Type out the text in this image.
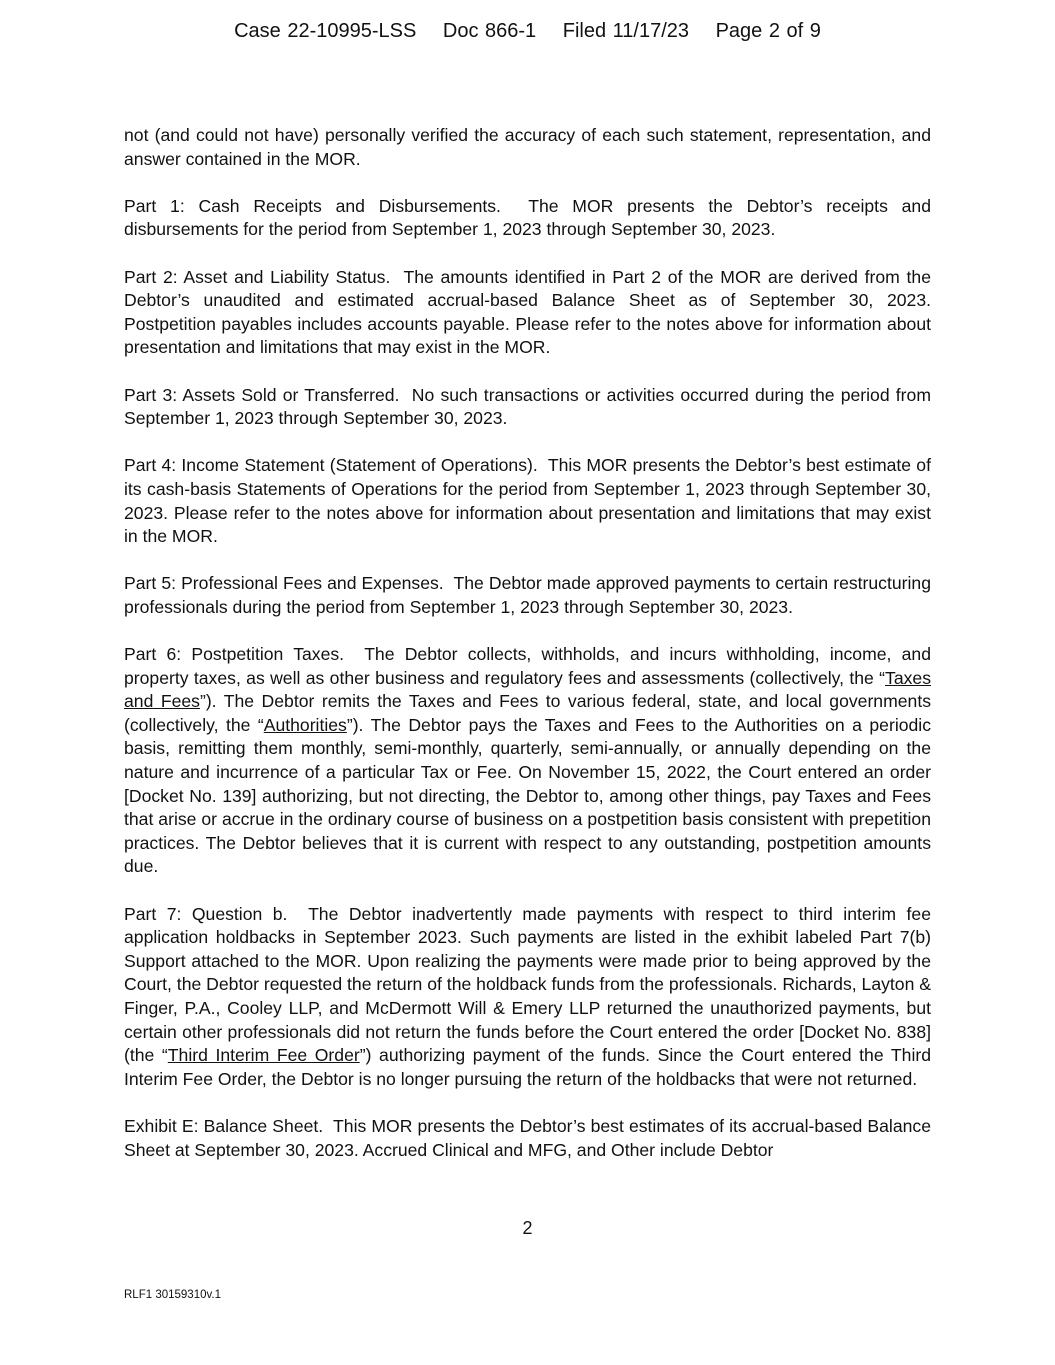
Case 22-10995-LSS Doc 866-1 Filed 11/17/23 Page 2 of 9

not (and could not have) personally verified the accuracy of each such statement, representation, and answer contained in the MOR.

Part 1: Cash Receipts and Disbursements. The MOR presents the Debtor’s receipts and disbursements for the period from September 1, 2023 through September 30, 2023.

Part 2: Asset and Liability Status. The amounts identified in Part 2 of the MOR are derived from the Debtor’s unaudited and estimated accrual-based Balance Sheet as of September 30, 2023. Postpetition payables includes accounts payable. Please refer to the notes above for information about presentation and limitations that may exist in the MOR.

Part 3: Assets Sold or Transferred. No such transactions or activities occurred during the period from September 1, 2023 through September 30, 2023.

Part 4: Income Statement (Statement of Operations). This MOR presents the Debtor’s best estimate of its cash-basis Statements of Operations for the period from September 1, 2023 through September 30, 2023. Please refer to the notes above for information about presentation and limitations that may exist in the MOR.

Part 5: Professional Fees and Expenses. The Debtor made approved payments to certain restructuring professionals during the period from September 1, 2023 through September 30, 2023.

Part 6: Postpetition Taxes. The Debtor collects, withholds, and incurs withholding, income, and property taxes, as well as other business and regulatory fees and assessments (collectively, the “Taxes and Fees”). The Debtor remits the Taxes and Fees to various federal, state, and local governments (collectively, the “Authorities”). The Debtor pays the Taxes and Fees to the Authorities on a periodic basis, remitting them monthly, semi-monthly, quarterly, semi-annually, or annually depending on the nature and incurrence of a particular Tax or Fee. On November 15, 2022, the Court entered an order [Docket No. 139] authorizing, but not directing, the Debtor to, among other things, pay Taxes and Fees that arise or accrue in the ordinary course of business on a postpetition basis consistent with prepetition practices. The Debtor believes that it is current with respect to any outstanding, postpetition amounts due.

Part 7: Question b. The Debtor inadvertently made payments with respect to third interim fee application holdbacks in September 2023. Such payments are listed in the exhibit labeled Part 7(b) Support attached to the MOR. Upon realizing the payments were made prior to being approved by the Court, the Debtor requested the return of the holdback funds from the professionals. Richards, Layton & Finger, P.A., Cooley LLP, and McDermott Will & Emery LLP returned the unauthorized payments, but certain other professionals did not return the funds before the Court entered the order [Docket No. 838] (the “Third Interim Fee Order”) authorizing payment of the funds. Since the Court entered the Third Interim Fee Order, the Debtor is no longer pursuing the return of the holdbacks that were not returned.

Exhibit E: Balance Sheet. This MOR presents the Debtor’s best estimates of its accrual-based Balance Sheet at September 30, 2023. Accrued Clinical and MFG, and Other include Debtor

2
RLF1 30159310v.1
